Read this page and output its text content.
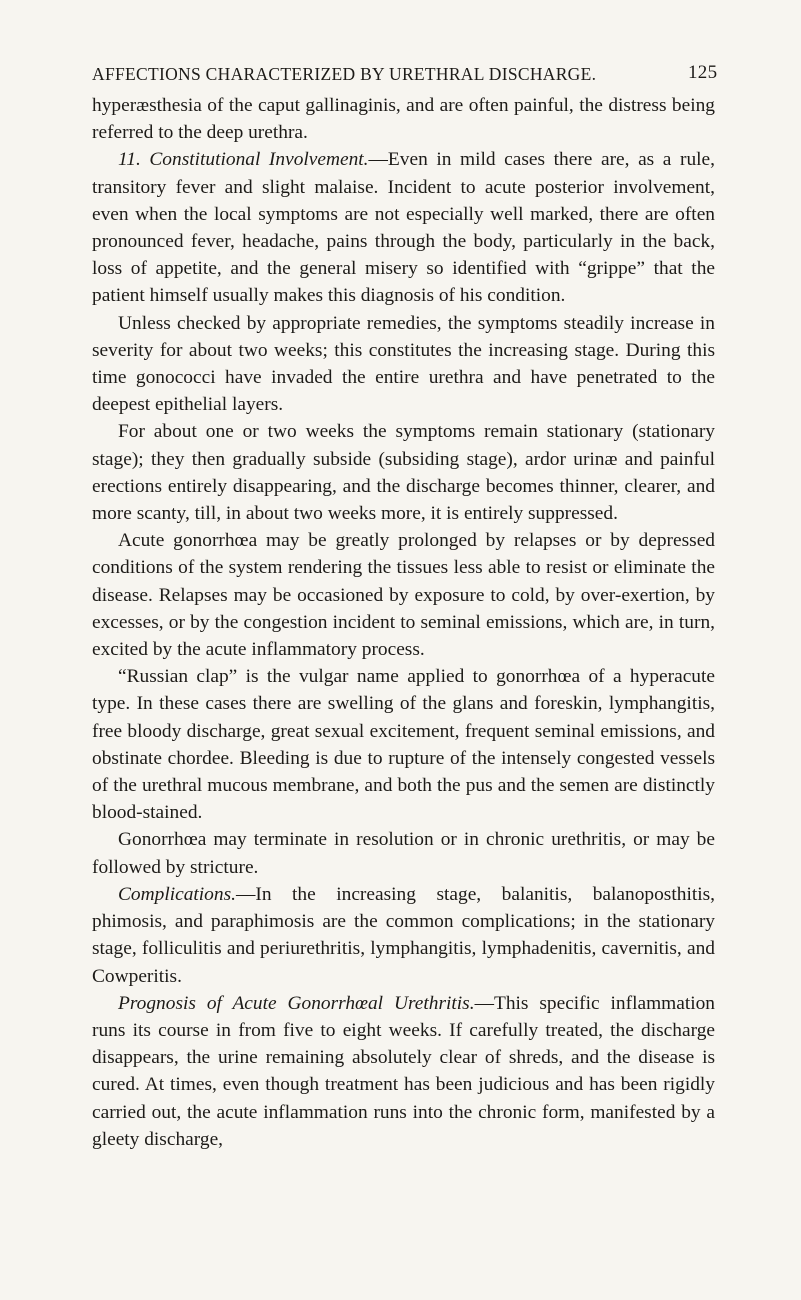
AFFECTIONS CHARACTERIZED BY URETHRAL DISCHARGE.	125

hyperæsthesia of the caput gallinaginis, and are often painful, the distress being referred to the deep urethra.

11. Constitutional Involvement.—Even in mild cases there are, as a rule, transitory fever and slight malaise. Incident to acute posterior involvement, even when the local symptoms are not especially well marked, there are often pronounced fever, headache, pains through the body, particularly in the back, loss of appetite, and the general misery so identified with “grippe” that the patient himself usually makes this diagnosis of his condition.

Unless checked by appropriate remedies, the symptoms steadily increase in severity for about two weeks; this constitutes the increasing stage. During this time gonococci have invaded the entire urethra and have penetrated to the deepest epithelial layers.

For about one or two weeks the symptoms remain stationary (stationary stage); they then gradually subside (subsiding stage), ardor urinæ and painful erections entirely disappearing, and the discharge becomes thinner, clearer, and more scanty, till, in about two weeks more, it is entirely suppressed.

Acute gonorrhœa may be greatly prolonged by relapses or by depressed conditions of the system rendering the tissues less able to resist or eliminate the disease. Relapses may be occasioned by exposure to cold, by over-exertion, by excesses, or by the congestion incident to seminal emissions, which are, in turn, excited by the acute inflammatory process.

“Russian clap” is the vulgar name applied to gonorrhœa of a hyperacute type. In these cases there are swelling of the glans and foreskin, lymphangitis, free bloody discharge, great sexual excitement, frequent seminal emissions, and obstinate chordee. Bleeding is due to rupture of the intensely congested vessels of the urethral mucous membrane, and both the pus and the semen are distinctly blood-stained.

Gonorrhœa may terminate in resolution or in chronic urethritis, or may be followed by stricture.

Complications.—In the increasing stage, balanitis, balanoposthitis, phimosis, and paraphimosis are the common complications; in the stationary stage, folliculitis and periurethritis, lymphangitis, lymphadenitis, cavernitis, and Cowperitis.

Prognosis of Acute Gonorrhœal Urethritis.—This specific inflammation runs its course in from five to eight weeks. If carefully treated, the discharge disappears, the urine remaining absolutely clear of shreds, and the disease is cured. At times, even though treatment has been judicious and has been rigidly carried out, the acute inflammation runs into the chronic form, manifested by a gleety discharge,
